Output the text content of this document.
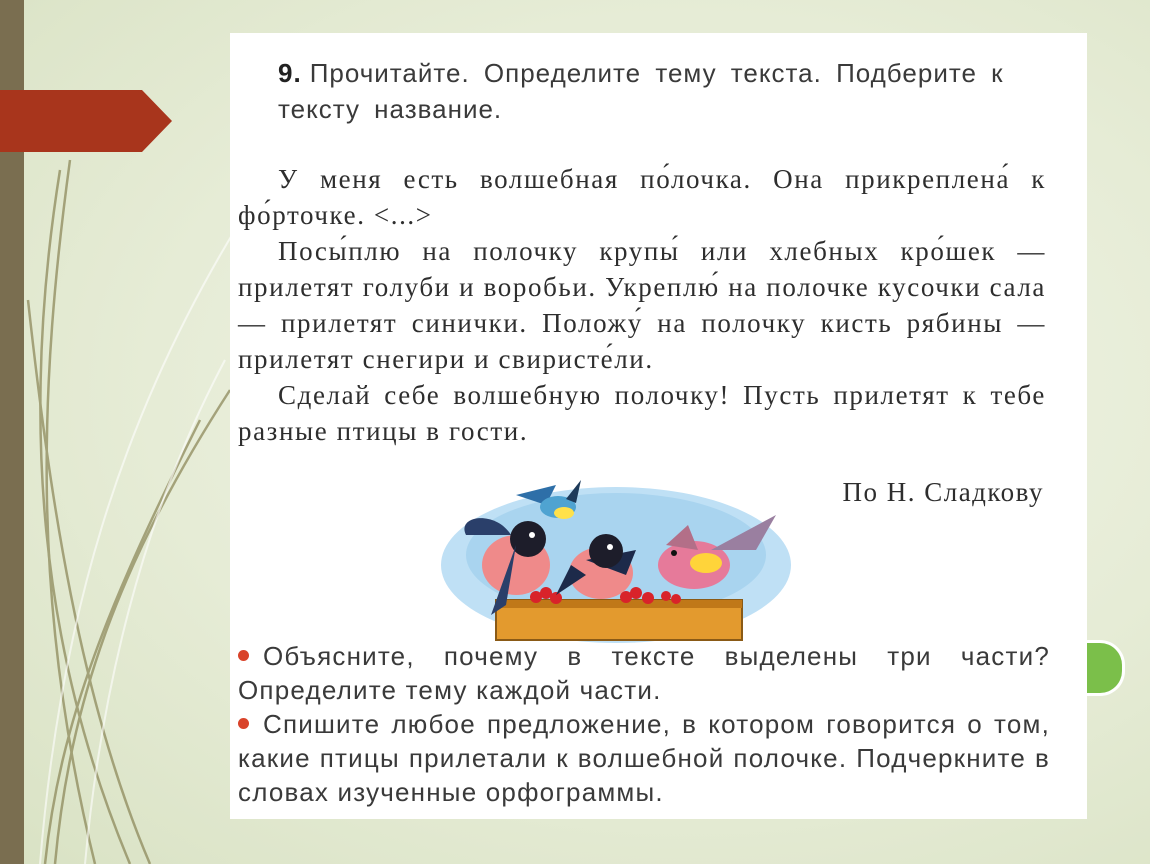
9. Прочитайте. Определите тему текста. Подберите к тексту название.

У меня есть волшебная по́лочка. Она прикреплена́ к фо́рточке. <...>

Посы́плю на полочку крупы́ или хлебных кро́шек — прилетят голуби и воробьи. Укреплю́ на полочке кусочки сала — прилетят синички. Положу́ на полочку кисть рябины — прилетят снегири и свиристе́ли.

Сделай себе волшебную полочку! Пусть прилетят к тебе разные птицы в гости.

По Н. Сладкову

Объясните, почему в тексте выделены три части? Определите тему каждой части.

Спишите любое предложение, в котором говорится о том, какие птицы прилетали к волшебной полочке. Подчеркните в словах изученные орфограммы.
